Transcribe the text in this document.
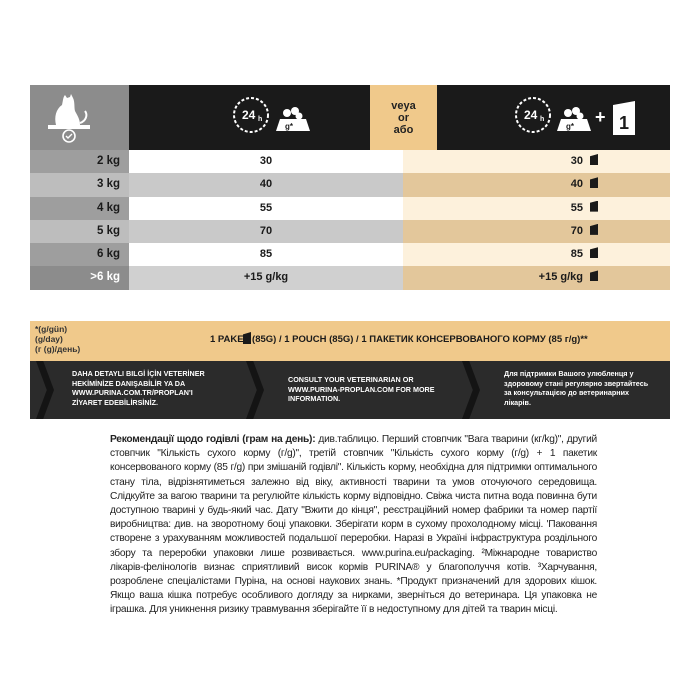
24 h
g*
veya
or
або
24 h
g* + 1
2 kg	30	30
3 kg	40	40
4 kg	55	55
5 kg	70	70
6 kg	85	85
>6 kg	+15 g/kg	+15 g/kg
*(g/gün)
(g/day)
(г (g)/день)
1 PAKET (85G) / 1 POUCH (85G) / 1 ПАКЕТИК КОНСЕРВОВАНОГО КОРМУ (85 г/g)**
DAHA DETAYLI BILGİ İÇİN VETERİNER HEKİMİNİZE DANIŞABİLİR YA DA WWW.PURINA.COM.TR/PROPLAN'I ZİYARET EDEBİLİRSİNİZ.
CONSULT YOUR VETERINARIAN OR WWW.PURINA-PROPLAN.COM FOR MORE INFORMATION.
Для підтримки Вашого улюбленця у здоровому стані регулярно звертайтесь за консультацією до ветеринарних лікарів.
Рекомендації щодо годівлі (грам на день): див.таблицю. Перший стовпчик "Вага тварини (кг/kg)", другий стовпчик "Кількість сухого корму (г/g)", третій стовпчик "Кількість сухого корму (г/g) + 1 пакетик консервованого корму (85 г/g) при змішаній годівлі". Кількість корму, необхідна для підтримки оптимального стану тіла, відрізнятиметься залежно від віку, активності тварини та умов оточуючого середовища. Слідкуйте за вагою тварини та регулюйте кількість корму відповідно. Свіжа чиста питна вода повинна бути доступною тварині у будь-який час. Дату "Вжити до кінця", реєстраційний номер фабрики та номер партії виробництва: див. на зворотному боці упаковки. Зберігати корм в сухому прохолодному місці. 'Паковання створене з урахуванням можливостей подальшої переробки. Наразі в Україні інфраструктура роздільного збору та переробки упаковки лише розвивається. www.purina.eu/packaging. ²Міжнародне товариство лікарів-фелінологів визнає сприятливий висок кормів PURINA® у благополуччя котів. ³Харчування, розроблене спеціалістами Пуріна, на основі наукових знань. *Продукт призначений для здорових кішок. Якщо ваша кішка потребує особливого догляду за нирками, зверніться до ветеринара. Ця упаковка не іграшка. Для уникнення ризику травмування зберігайте її в недоступному для дітей та тварин місці.
